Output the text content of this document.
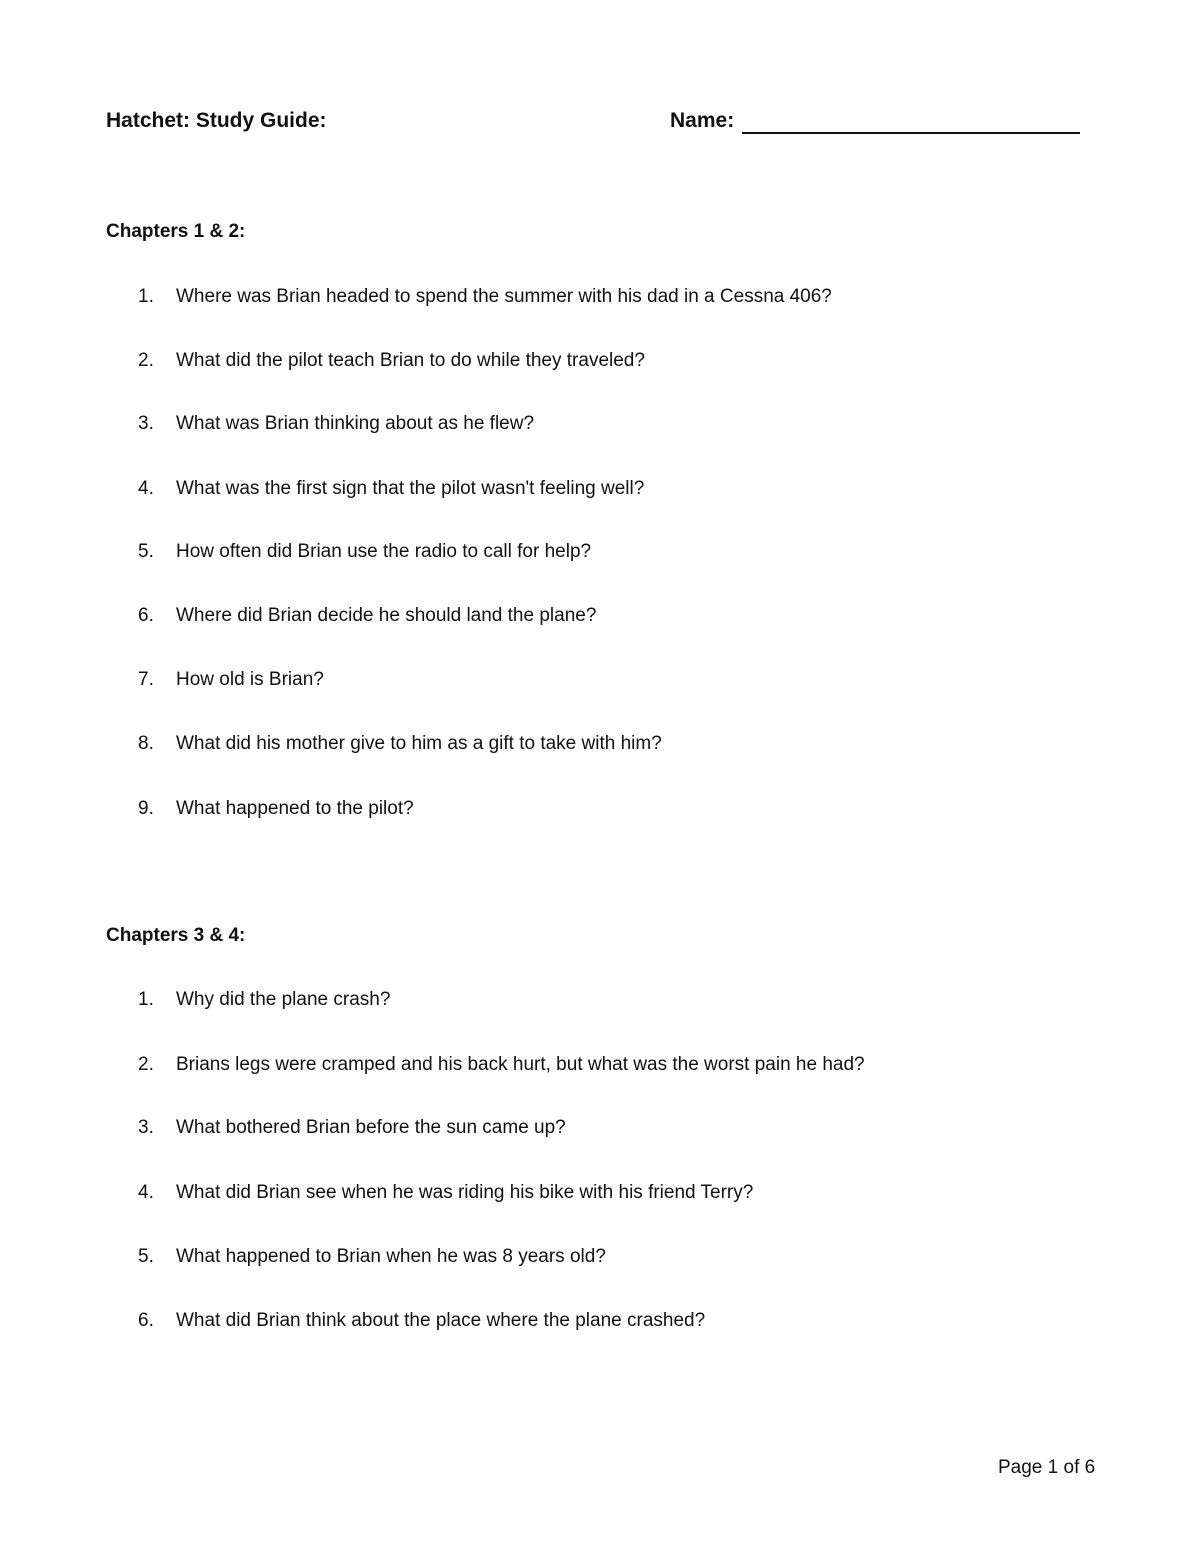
Hatchet: Study Guide:	Name:
Chapters 1 & 2:
1.	Where was Brian headed to spend the summer with his dad in a Cessna 406?
2.	What did the pilot teach Brian to do while they traveled?
3.	What was Brian thinking about as he flew?
4.	What was the first sign that the pilot wasn't feeling well?
5.	How often did Brian use the radio to call for help?
6.	Where did Brian decide he should land the plane?
7.	How old is Brian?
8.	What did his mother give to him as a gift to take with him?
9.	What happened to the pilot?
Chapters 3 & 4:
1.	Why did the plane crash?
2.	Brians legs were cramped and his back hurt, but what was the worst pain he had?
3.	What bothered Brian before the sun came up?
4.	What did Brian see when he was riding his bike with his friend Terry?
5.	What happened to Brian when he was 8 years old?
6.	What did Brian think about the place where the plane crashed?
Page 1 of 6
